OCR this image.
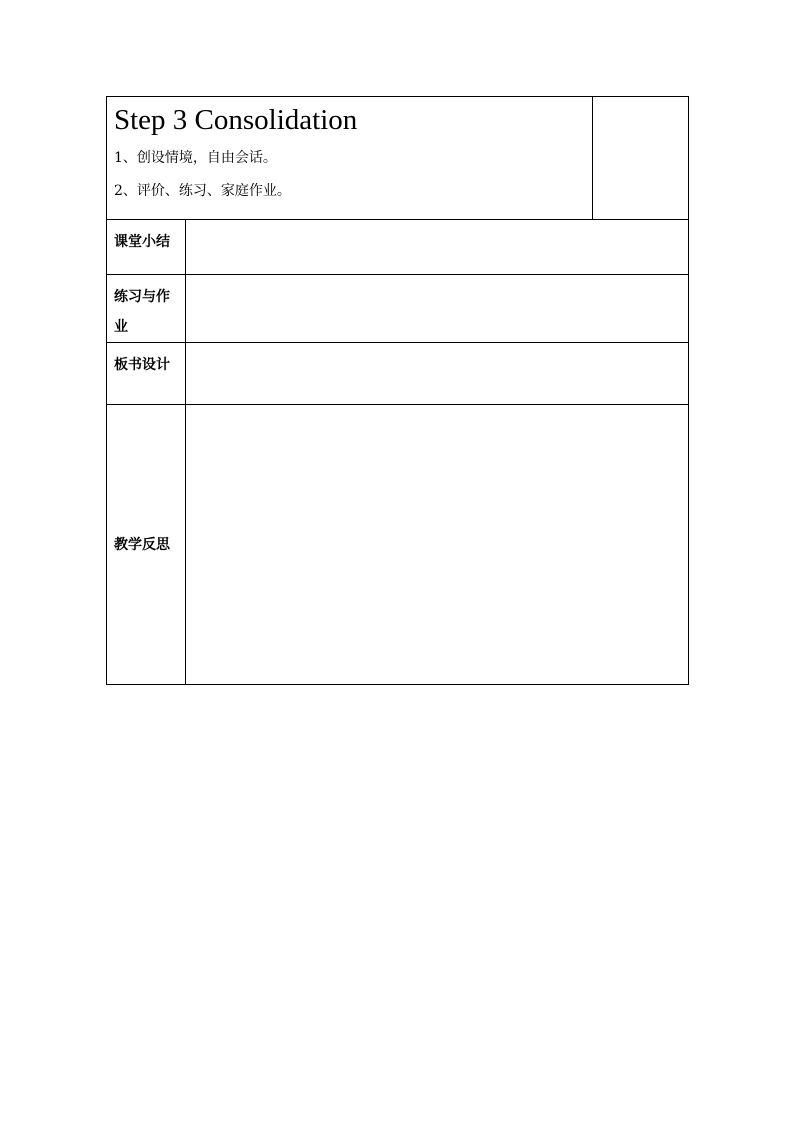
Step 3 Consolidation
1、创设情境，自由会话。
2、评价、练习、家庭作业。		

课堂小结		

练习与作
业		

板书设计		
教学反思		
